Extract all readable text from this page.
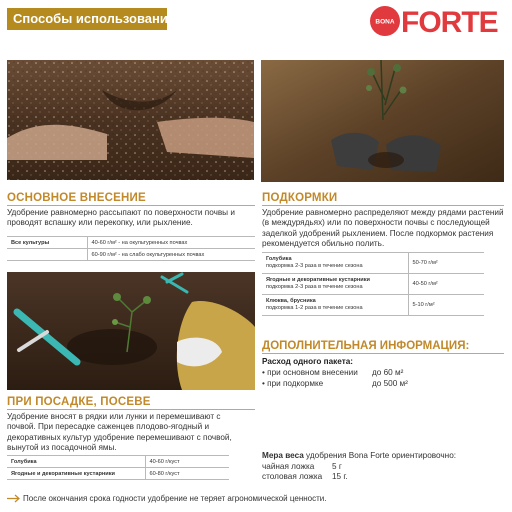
Способы использования	BONA FORTE
ОСНОВНОЕ ВНЕСЕНИЕ
Удобрение равномерно рассыпают по поверхности почвы и проводят вспашку или перекопку, или рыхление.
Все культуры	40-60 г/м² - на окультуренных почвах
	60-90 г/м² - на слабо окультуренных почвах
ПРИ ПОСАДКЕ, ПОСЕВЕ
Удобрение вносят в рядки или лунки и перемешивают с почвой. При пересадке саженцев плодово-ягодный и декоративных культур удобрение перемешивают с почвой, вынутой из посадочной ямы.
Голубика	40-60 г/куст
Ягодные и декоративные кустарники	60-80 г/куст
ПОДКОРМКИ
Удобрение равномерно распределяют между рядами растений (в междурядьях) или по поверхности почвы с последующей заделкой удобрений рыхлением. После подкормок растения рекомендуется обильно полить.
Голубика
подкормка 2-3 раза в течение сезона	50-70 г/м²
Ягодные и декоративные кустарники
подкормка 2-3 раза в течение сезона	40-50 г/м²
Клюква, брусника
подкормка 1-2 раза в течение сезона	5-10 г/м²
ДОПОЛНИТЕЛЬНАЯ ИНФОРМАЦИЯ:
Расход одного пакета:
• при основном внесении до 60 м²
• при подкормке	до 500 м²
Мера веса удобрения Bona Forte ориентировочно:
чайная ложка 5 г
столовая ложка 15 г.
После окончания срока годности удобрение не теряет агрономической ценности.
